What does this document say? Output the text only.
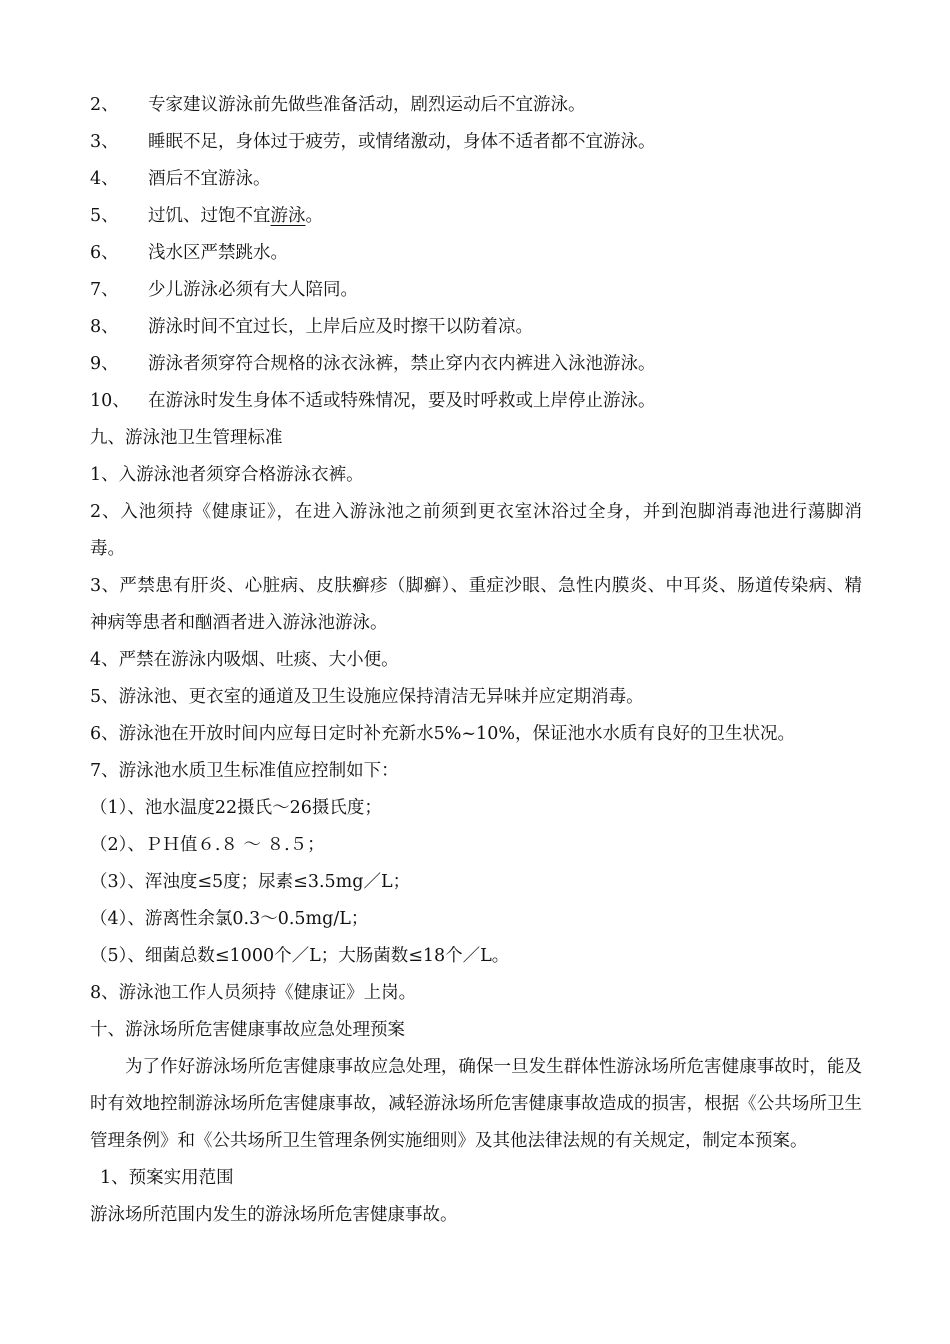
2、	专家建议游泳前先做些准备活动，剧烈运动后不宜游泳。
3、	睡眠不足，身体过于疲劳，或情绪激动，身体不适者都不宜游泳。
4、	酒后不宜游泳。
5、	过饥、过饱不宜游泳。
6、	浅水区严禁跳水。
7、	少儿游泳必须有大人陪同。
8、	游泳时间不宜过长，上岸后应及时擦干以防着凉。
9、	游泳者须穿符合规格的泳衣泳裤，禁止穿内衣内裤进入泳池游泳。
10、	在游泳时发生身体不适或特殊情况，要及时呼救或上岸停止游泳。
九、游泳池卫生管理标准
1、入游泳池者须穿合格游泳衣裤。
2、入池须持《健康证》，在进入游泳池之前须到更衣室沐浴过全身，并到泡脚消毒池进行蕩脚消毒。
3、严禁患有肝炎、心脏病、皮肤癣疹（脚癣）、重症沙眼、急性内膜炎、中耳炎、肠道传染病、精神病等患者和酗酒者进入游泳池游泳。
4、严禁在游泳内吸烟、吐痰、大小便。
5、游泳池、更衣室的通道及卫生设施应保持清洁无异味并应定期消毒。
6、游泳池在开放时间内应每日定时补充新水5%~10%，保证池水水质有良好的卫生状况。
7、游泳池水质卫生标准值应控制如下：
（1）、池水温度22摄氏～26摄氏度；
（2）、ＰＨ值６.８ ～ ８.５；
（3）、浑浊度≤5度；尿素≤3.5mg／L；
（4）、游离性余氯0.3～0.5mg/L；
（5）、细菌总数≤1000个／L；大肠菌数≤18个／L。
8、游泳池工作人员须持《健康证》上岗。
十、游泳场所危害健康事故应急处理预案
为了作好游泳场所危害健康事故应急处理，确保一旦发生群体性游泳场所危害健康事故时，能及时有效地控制游泳场所危害健康事故，减轻游泳场所危害健康事故造成的损害，根据《公共场所卫生管理条例》和《公共场所卫生管理条例实施细则》及其他法律法规的有关规定，制定本预案。
1、预案实用范围
游泳场所范围内发生的游泳场所危害健康事故。
